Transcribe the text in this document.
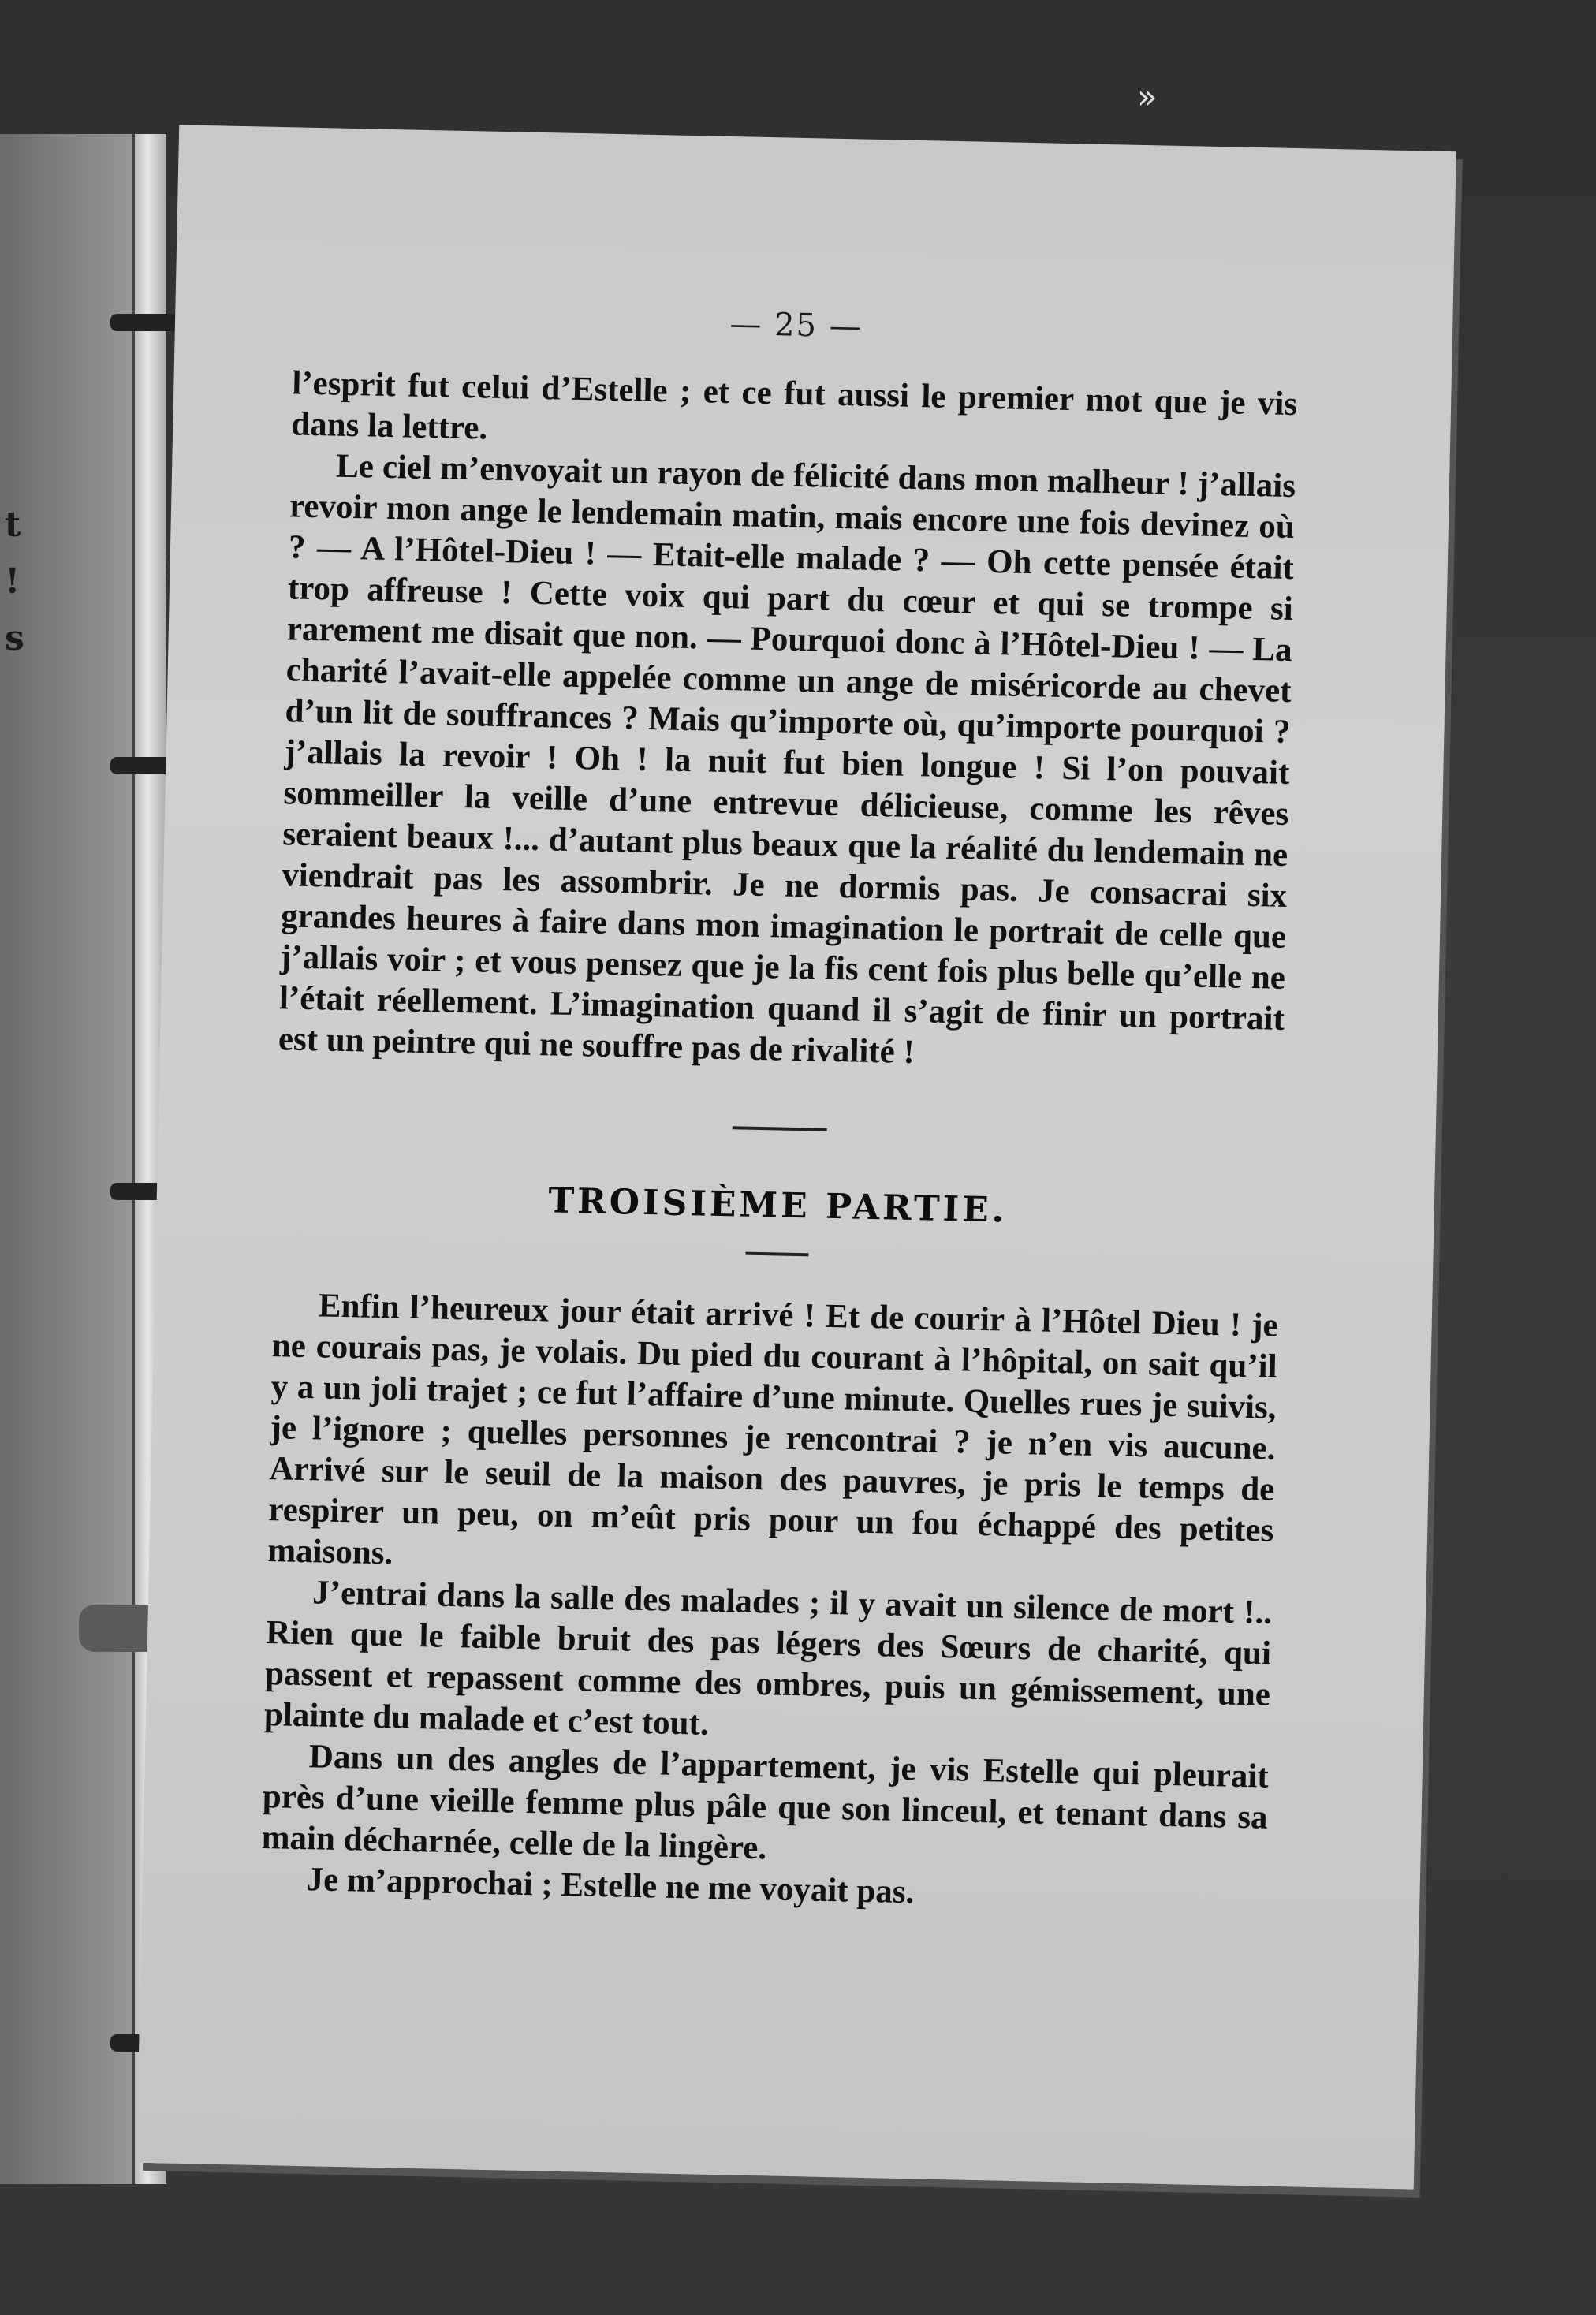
t
!
s
»
— 25 —

l’esprit fut celui d’Estelle ; et ce fut aussi le premier mot que je vis dans la lettre.

Le ciel m’envoyait un rayon de félicité dans mon malheur ! j’allais revoir mon ange le lendemain matin, mais encore une fois devinez où ? — A l’Hôtel-Dieu ! — Etait-elle malade ? — Oh cette pensée était trop affreuse ! Cette voix qui part du cœur et qui se trompe si rarement me disait que non. — Pourquoi donc à l’Hôtel-Dieu ! — La charité l’avait-elle appelée comme un ange de miséricorde au chevet d’un lit de souffrances ? Mais qu’importe où, qu’importe pourquoi ? j’allais la revoir ! Oh ! la nuit fut bien longue ! Si l’on pouvait sommeiller la veille d’une entrevue délicieuse, comme les rêves seraient beaux !... d’autant plus beaux que la réalité du lendemain ne viendrait pas les assombrir. Je ne dormis pas. Je consacrai six grandes heures à faire dans mon imagination le portrait de celle que j’allais voir ; et vous pensez que je la fis cent fois plus belle qu’elle ne l’était réellement. L’imagination quand il s’agit de finir un portrait est un peintre qui ne souffre pas de rivalité !

TROISIÈME PARTIE.

Enfin l’heureux jour était arrivé ! Et de courir à l’Hôtel Dieu ! je ne courais pas, je volais. Du pied du courant à l’hôpital, on sait qu’il y a un joli trajet ; ce fut l’affaire d’une minute. Quelles rues je suivis, je l’ignore ; quelles personnes je rencontrai ? je n’en vis aucune. Arrivé sur le seuil de la maison des pauvres, je pris le temps de respirer un peu, on m’eût pris pour un fou échappé des petites maisons.

J’entrai dans la salle des malades ; il y avait un silence de mort !.. Rien que le faible bruit des pas légers des Sœurs de charité, qui passent et repassent comme des ombres, puis un gémissement, une plainte du malade et c’est tout.

Dans un des angles de l’appartement, je vis Estelle qui pleurait près d’une vieille femme plus pâle que son linceul, et tenant dans sa main décharnée, celle de la lingère.

Je m’approchai ; Estelle ne me voyait pas.
